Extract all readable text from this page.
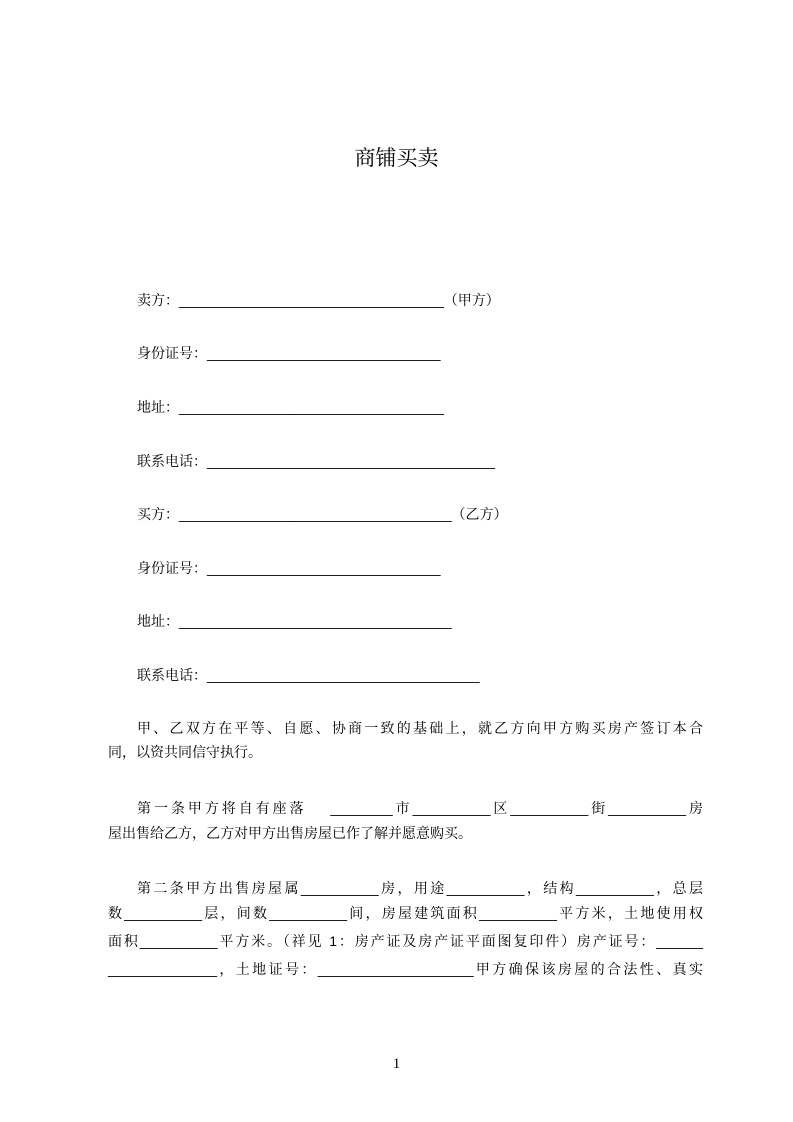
商铺买卖
卖方：__________________________________（甲方）
身份证号：______________________________
地址：__________________________________
联系电话：_____________________________________
买方：___________________________________（乙方）
身份证号：______________________________
地址：___________________________________
联系电话：___________________________________
甲、乙双方在平等、自愿、协商一致的基础上，就乙方向甲方购买房产签订本合
同，以资共同信守执行。
第一条甲方将自有座落　 ________市__________区__________街__________房
屋出售给乙方，乙方对甲方出售房屋已作了解并愿意购买。
第二条甲方出售房屋属__________房，用途__________，结构__________，总层
数__________层，间数__________间，房屋建筑面积__________平方米，土地使用权
面积__________平方米。（祥见 1：房产证及房产证平面图复印件）房产证号：______
______________，土地证号：____________________甲方确保该房屋的合法性、真实
1
